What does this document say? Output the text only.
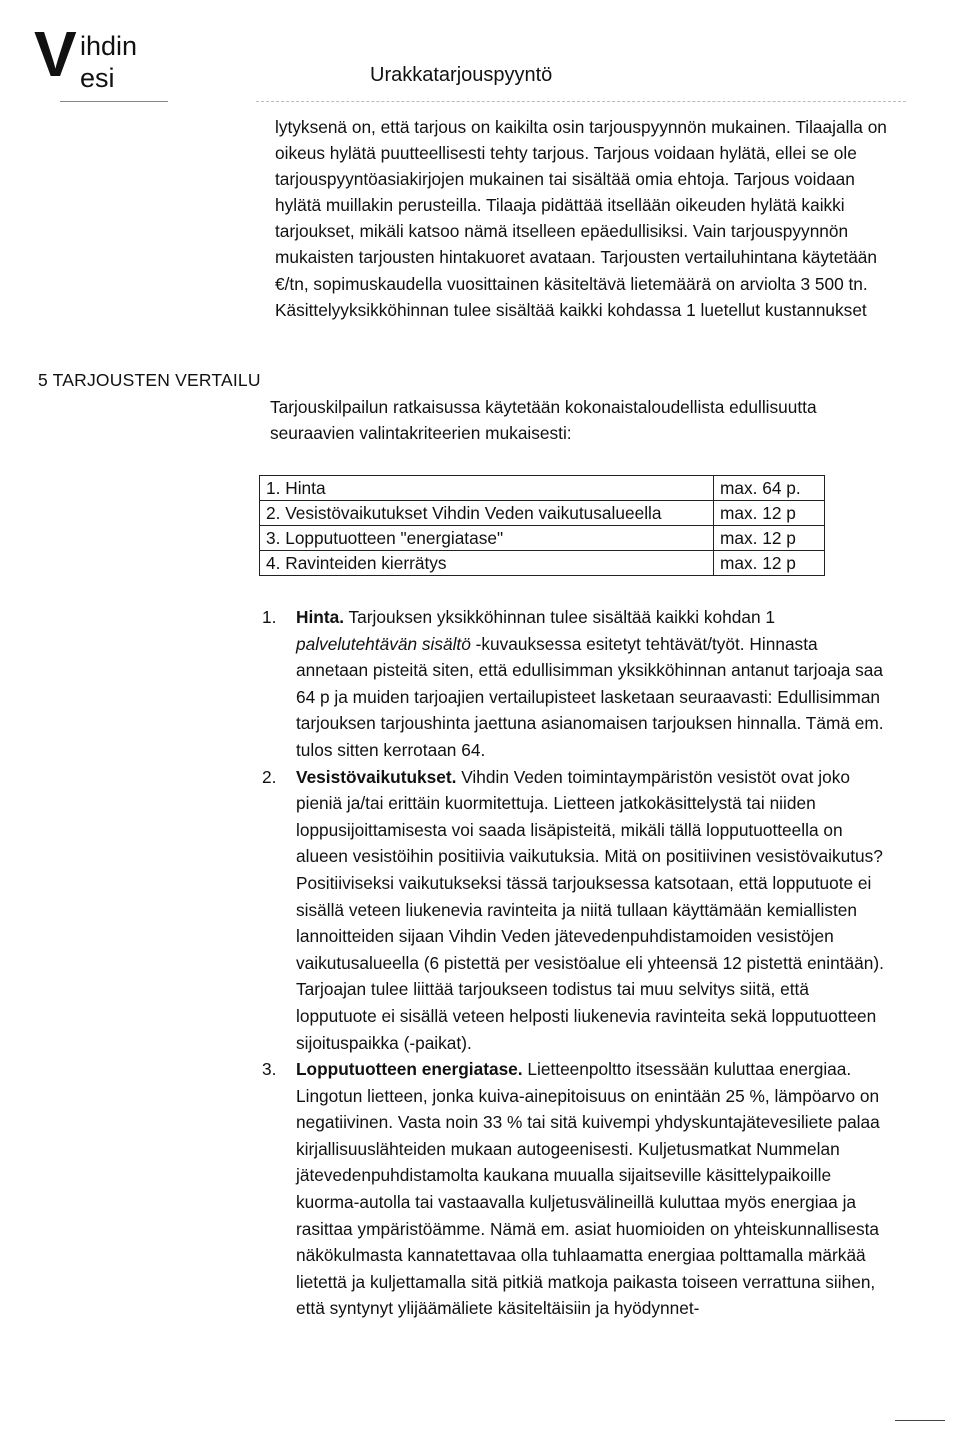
V ihdin
esi	Urakkatarjouspyyntö

lytyksenä on, että tarjous on kaikilta osin tarjouspyynnön mukainen. Tilaajalla on oikeus hylätä puutteellisesti tehty tarjous. Tarjous voidaan hylätä, ellei se ole tarjouspyyntöasiakirjojen mukainen tai sisältää omia ehtoja. Tarjous voidaan hylätä muillakin perusteilla. Tilaaja pidättää itsellään oikeuden hylätä kaikki tarjoukset, mikäli katsoo nämä itselleen epäedullisiksi. Vain tarjouspyynnön mukaisten tarjousten hintakuoret avataan. Tarjousten vertailuhintana käytetään €/tn, sopimuskaudella vuosittainen käsiteltävä lietemäärä on arviolta 3 500 tn. Käsittelyyksikköhinnan tulee sisältää kaikki kohdassa 1 luetellut kustannukset

5 TARJOUSTEN VERTAILU

Tarjouskilpailun ratkaisussa käytetään kokonaistaloudellista edullisuutta seuraavien valintakriteerien mukaisesti:

1. Hinta	max. 64 p.
2. Vesistövaikutukset Vihdin Veden vaikutusalueella	max. 12 p
3. Lopputuotteen "energiatase"	max. 12 p
4. Ravinteiden kierrätys	max. 12 p
1. Hinta. Tarjouksen yksikköhinnan tulee sisältää kaikki kohdan 1 palvelutehtävän sisältö -kuvauksessa esitetyt tehtävät/työt. Hinnasta annetaan pisteitä siten, että edullisimman yksikköhinnan antanut tarjoaja saa 64 p ja muiden tarjoajien vertailupisteet lasketaan seuraavasti: Edullisimman tarjouksen tarjoushinta jaettuna asianomaisen tarjouksen hinnalla. Tämä em. tulos sitten kerrotaan 64.
2. Vesistövaikutukset. Vihdin Veden toimintaympäristön vesistöt ovat joko pieniä ja/tai erittäin kuormitettuja. Lietteen jatkokäsittelystä tai niiden loppusijoittamisesta voi saada lisäpisteitä, mikäli tällä lopputuotteella on alueen vesistöihin positiivia vaikutuksia. Mitä on positiivinen vesistövaikutus? Positiiviseksi vaikutukseksi tässä tarjouksessa katsotaan, että lopputuote ei sisällä veteen liukenevia ravinteita ja niitä tullaan käyttämään kemiallisten lannoitteiden sijaan Vihdin Veden jätevedenpuhdistamoiden vesistöjen vaikutusalueella (6 pistettä per vesistöalue eli yhteensä 12 pistettä enintään). Tarjoajan tulee liittää tarjoukseen todistus tai muu selvitys siitä, että lopputuote ei sisällä veteen helposti liukenevia ravinteita sekä lopputuotteen sijoituspaikka (-paikat).
3. Lopputuotteen energiatase. Lietteenpoltto itsessään kuluttaa energiaa. Lingotun lietteen, jonka kuiva-ainepitoisuus on enintään 25 %, lämpöarvo on negatiivinen. Vasta noin 33 % tai sitä kuivempi yhdyskuntajätevesiliete palaa kirjallisuuslähteiden mukaan autogeenisesti. Kuljetusmatkat Nummelan jätevedenpuhdistamolta kaukana muualla sijaitseville käsittelypaikoille kuorma-autolla tai vastaavalla kuljetusvälineillä kuluttaa myös energiaa ja rasittaa ympäristöämme. Nämä em. asiat huomioiden on yhteiskunnallisesta näkökulmasta kannatettavaa olla tuhlaamatta energiaa polttamalla märkää lietettä ja kuljettamalla sitä pitkiä matkoja paikasta toiseen verrattuna siihen, että syntynyt ylijäämäliete käsiteltäisiin ja hyödynnet-
